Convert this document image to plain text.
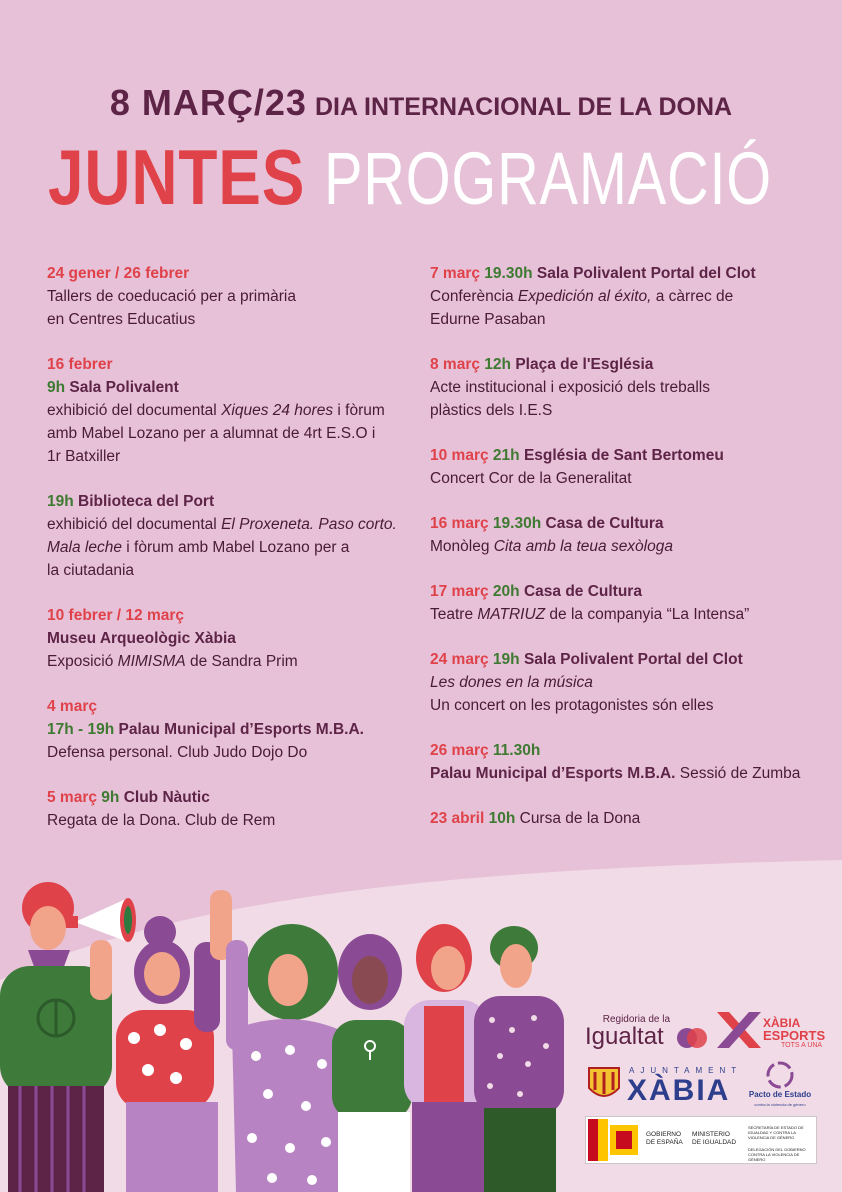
8 MARÇ/23 DIA INTERNACIONAL DE LA DONA
JUNTES PROGRAMACIÓ

24 gener / 26 febrer

Tallers de coeducació per a primària

en Centres Educatius

16 febrer

9h Sala Polivalent

exhibició del documental Xiques 24 hores i fòrum

amb Mabel Lozano per a alumnat de 4rt E.S.O i

1r Batxiller

19h Biblioteca del Port

exhibició del documental El Proxeneta. Paso corto.

Mala leche i fòrum amb Mabel Lozano per a

la ciutadania

10 febrer / 12 març

Museu Arqueològic Xàbia

Exposició MIMISMA de Sandra Prim

4 març

17h - 19h Palau Municipal d’Esports M.B.A.

Defensa personal. Club Judo Dojo Do

5 març 9h Club Nàutic

Regata de la Dona. Club de Rem

7 març 19.30h Sala Polivalent Portal del Clot

Conferència Expedición al éxito, a càrrec de

Edurne Pasaban

8 març 12h Plaça de l'Església

Acte institucional i exposició dels treballs

plàstics dels I.E.S

10 març 21h Església de Sant Bertomeu

Concert Cor de la Generalitat

16 març 19.30h Casa de Cultura

Monòleg Cita amb la teua sexòloga

17 març 20h Casa de Cultura

Teatre MATRIUZ de la companyia “La Intensa”

24 març 19h Sala Polivalent Portal del Clot

Les dones en la música

Un concert on les protagonistes són elles

26 març 11.30h

Palau Municipal d’Esports M.B.A. Sessió de Zumba

23 abril 10h Cursa de la Dona

Regidoria de la
Igualtat	XÀBIA
ESPORTS
TOTS A UNA
AJUNTAMENT
XÀBIA Pacto de Estado
contra la violencia de género
GOBIERNO
DE ESPAÑA
MINISTERIO
DE IGUALDAD
SECRETARÍA DE ESTADO DE IGUALDAD Y CONTRA LA VIOLENCIA DE GÉNERO
DELEGACIÓN DEL GOBIERNO CONTRA LA VIOLENCIA DE GÉNERO
